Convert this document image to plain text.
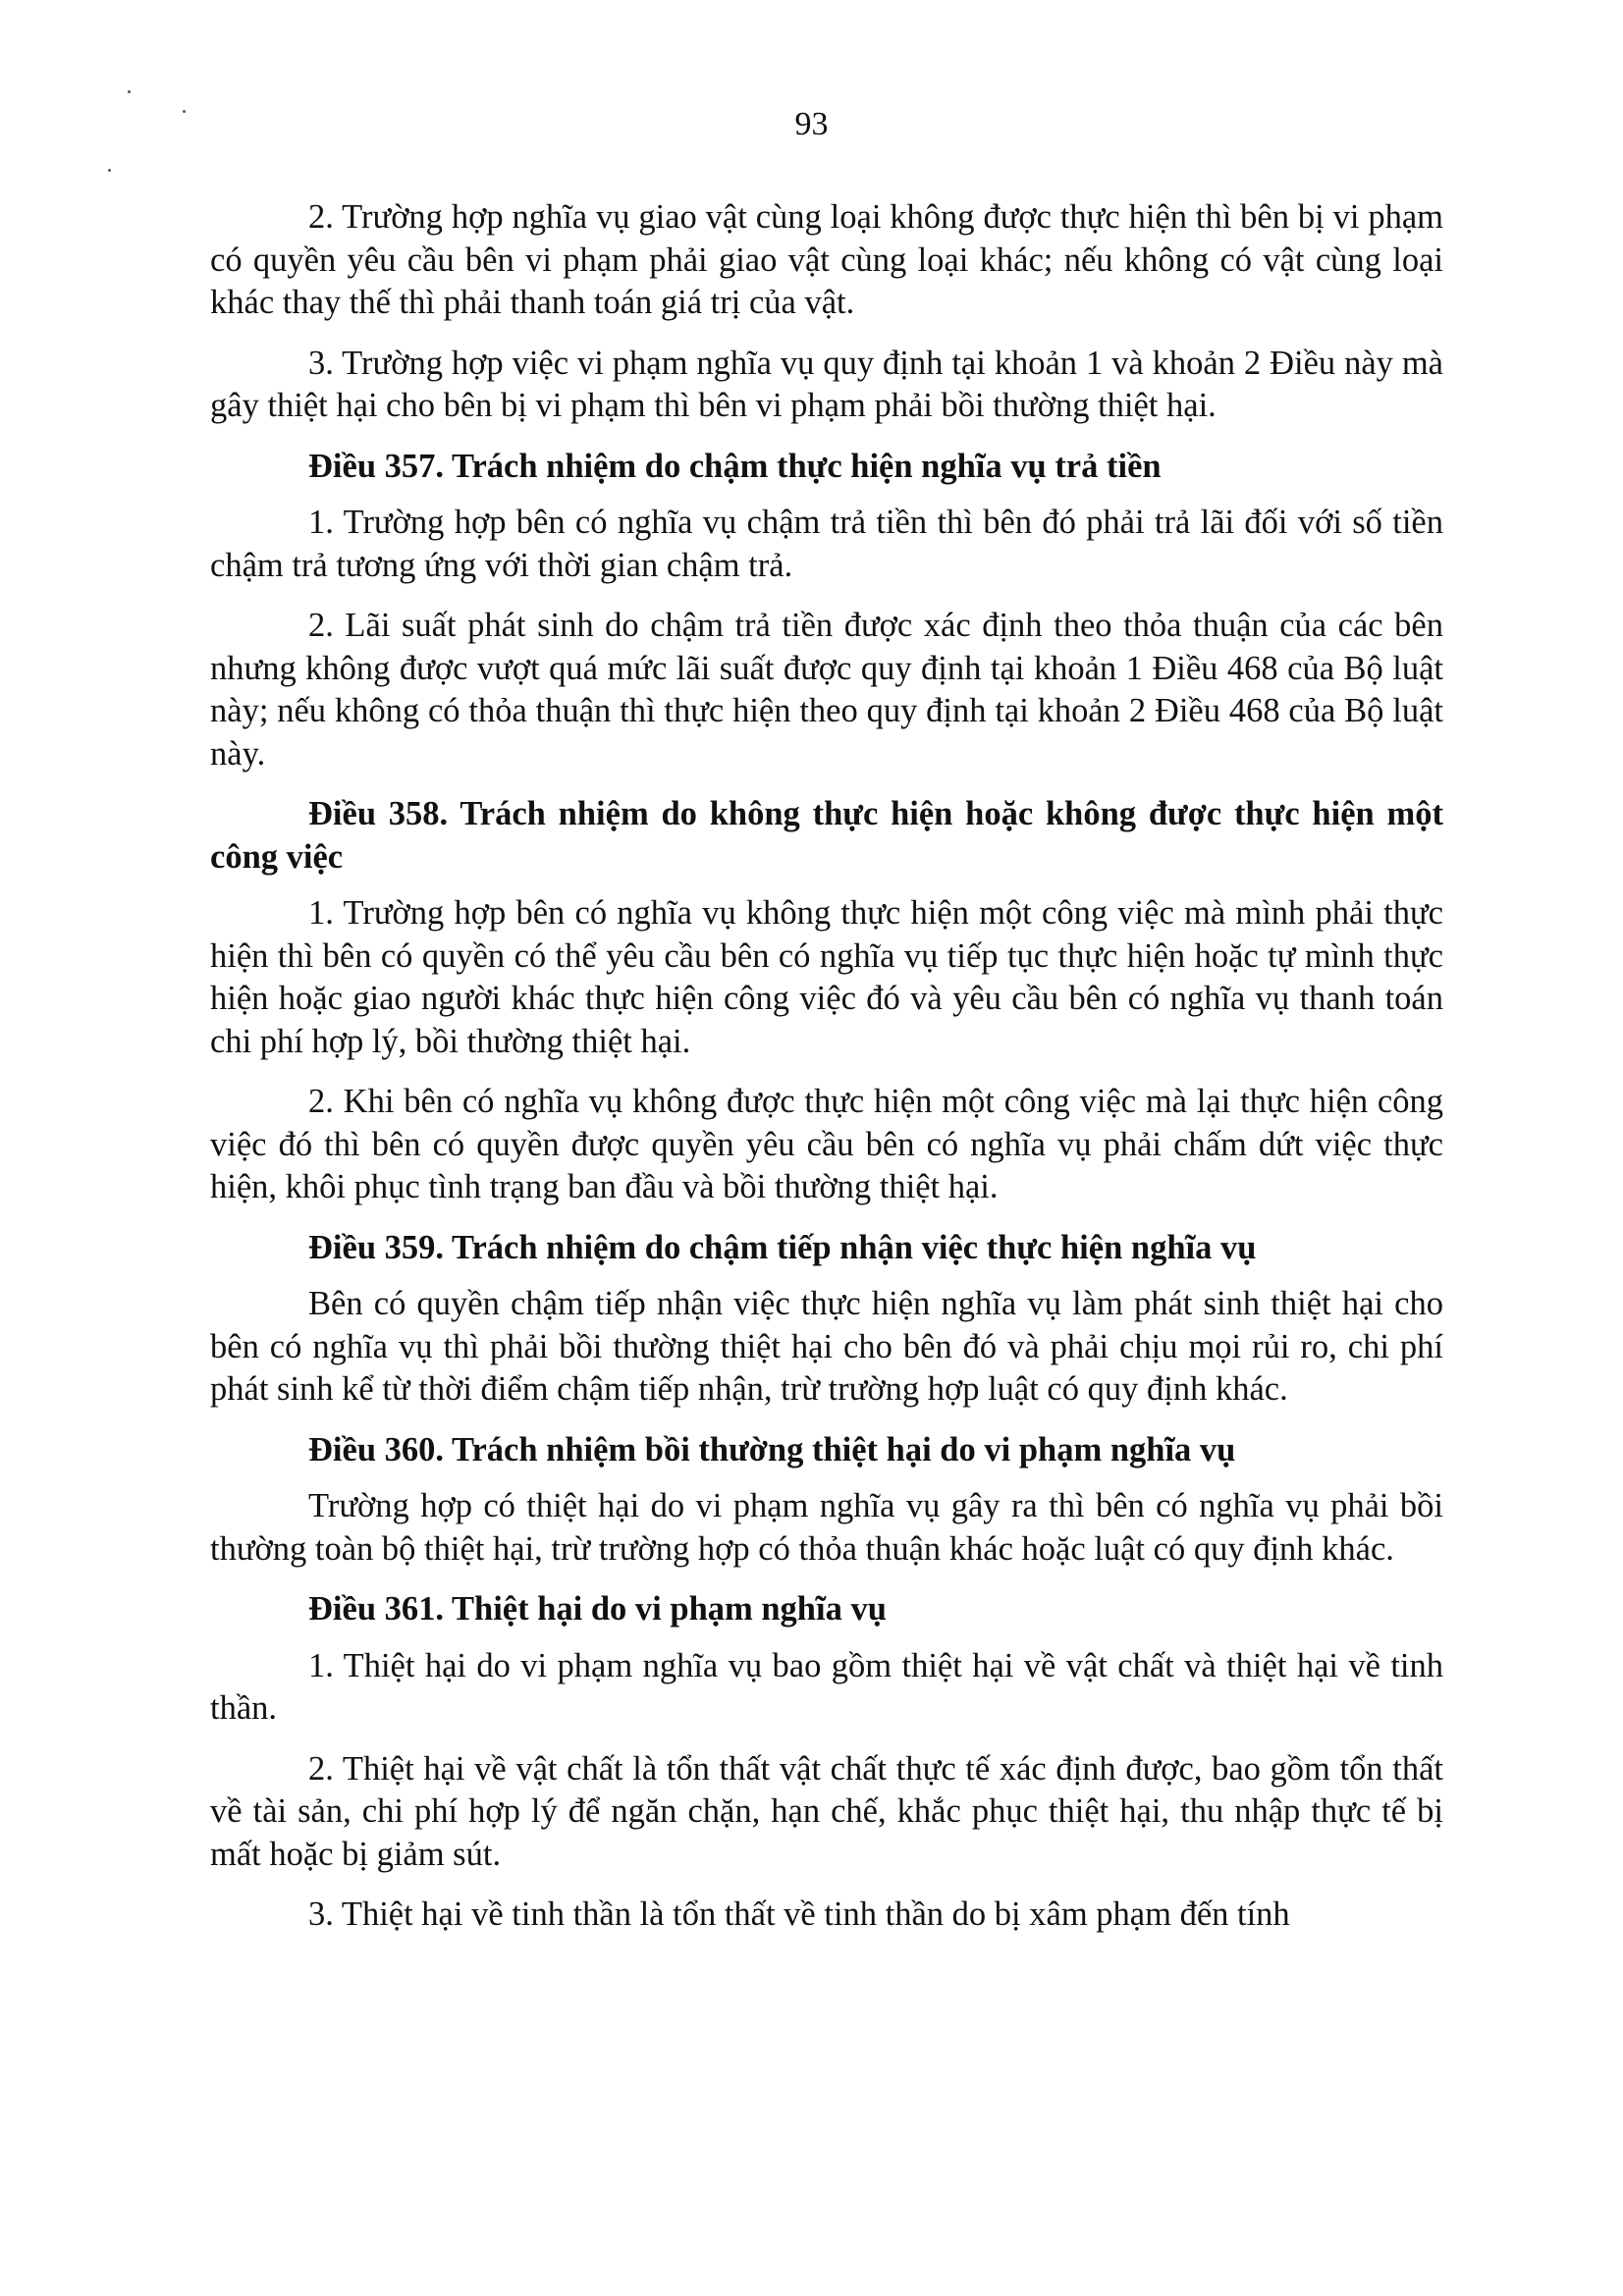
93

2. Trường hợp nghĩa vụ giao vật cùng loại không được thực hiện thì bên bị vi phạm có quyền yêu cầu bên vi phạm phải giao vật cùng loại khác; nếu không có vật cùng loại khác thay thế thì phải thanh toán giá trị của vật.

3. Trường hợp việc vi phạm nghĩa vụ quy định tại khoản 1 và khoản 2 Điều này mà gây thiệt hại cho bên bị vi phạm thì bên vi phạm phải bồi thường thiệt hại.

Điều 357. Trách nhiệm do chậm thực hiện nghĩa vụ trả tiền

1. Trường hợp bên có nghĩa vụ chậm trả tiền thì bên đó phải trả lãi đối với số tiền chậm trả tương ứng với thời gian chậm trả.

2. Lãi suất phát sinh do chậm trả tiền được xác định theo thỏa thuận của các bên nhưng không được vượt quá mức lãi suất được quy định tại khoản 1 Điều 468 của Bộ luật này; nếu không có thỏa thuận thì thực hiện theo quy định tại khoản 2 Điều 468 của Bộ luật này.

Điều 358. Trách nhiệm do không thực hiện hoặc không được thực hiện một công việc

1. Trường hợp bên có nghĩa vụ không thực hiện một công việc mà mình phải thực hiện thì bên có quyền có thể yêu cầu bên có nghĩa vụ tiếp tục thực hiện hoặc tự mình thực hiện hoặc giao người khác thực hiện công việc đó và yêu cầu bên có nghĩa vụ thanh toán chi phí hợp lý, bồi thường thiệt hại.

2. Khi bên có nghĩa vụ không được thực hiện một công việc mà lại thực hiện công việc đó thì bên có quyền được quyền yêu cầu bên có nghĩa vụ phải chấm dứt việc thực hiện, khôi phục tình trạng ban đầu và bồi thường thiệt hại.

Điều 359. Trách nhiệm do chậm tiếp nhận việc thực hiện nghĩa vụ

Bên có quyền chậm tiếp nhận việc thực hiện nghĩa vụ làm phát sinh thiệt hại cho bên có nghĩa vụ thì phải bồi thường thiệt hại cho bên đó và phải chịu mọi rủi ro, chi phí phát sinh kể từ thời điểm chậm tiếp nhận, trừ trường hợp luật có quy định khác.

Điều 360. Trách nhiệm bồi thường thiệt hại do vi phạm nghĩa vụ

Trường hợp có thiệt hại do vi phạm nghĩa vụ gây ra thì bên có nghĩa vụ phải bồi thường toàn bộ thiệt hại, trừ trường hợp có thỏa thuận khác hoặc luật có quy định khác.

Điều 361. Thiệt hại do vi phạm nghĩa vụ

1. Thiệt hại do vi phạm nghĩa vụ bao gồm thiệt hại về vật chất và thiệt hại về tinh thần.

2. Thiệt hại về vật chất là tổn thất vật chất thực tế xác định được, bao gồm tổn thất về tài sản, chi phí hợp lý để ngăn chặn, hạn chế, khắc phục thiệt hại, thu nhập thực tế bị mất hoặc bị giảm sút.

3. Thiệt hại về tinh thần là tổn thất về tinh thần do bị xâm phạm đến tính
